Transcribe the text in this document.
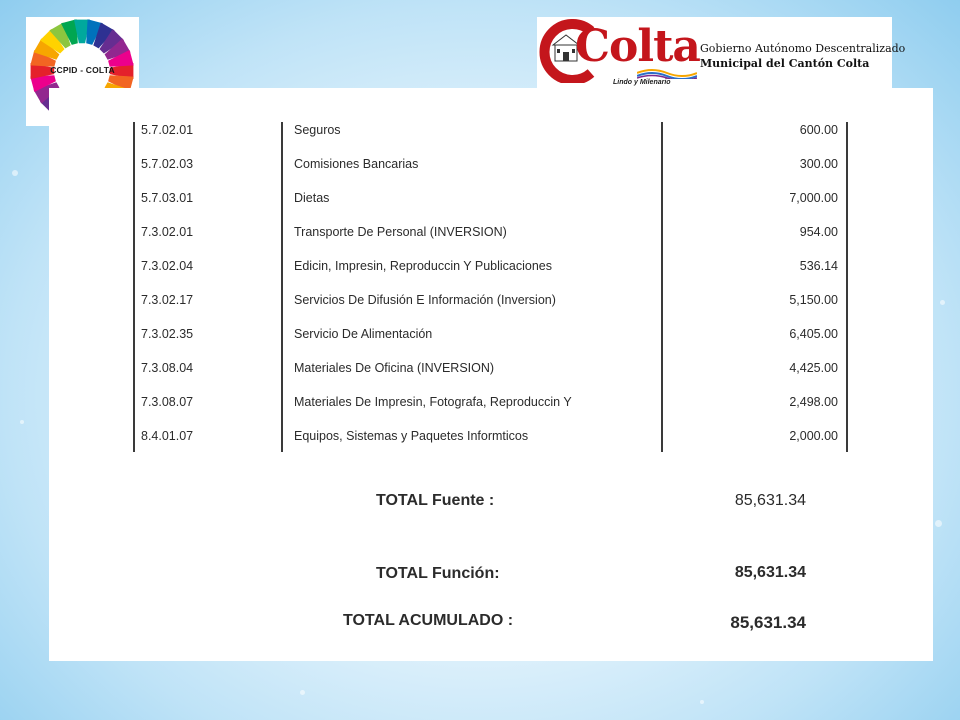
CCPID - COLTA	Colta
Lindo y Milenario
Gobierno Autónomo Descentralizado
Municipal del Cantón Colta
5.7.02.01	Seguros	600.00
5.7.02.03	Comisiones Bancarias	300.00
5.7.03.01	Dietas	7,000.00
7.3.02.01	Transporte De Personal (INVERSION)	954.00
7.3.02.04	Edicin, Impresin, Reproduccin Y Publicaciones	536.14
7.3.02.17	Servicios De Difusión E Información (Inversion)	5,150.00
7.3.02.35	Servicio De Alimentación	6,405.00
7.3.08.04	Materiales De Oficina (INVERSION)	4,425.00
7.3.08.07	Materiales De Impresin, Fotografa, Reproduccin Y	2,498.00
8.4.01.07	Equipos, Sistemas y Paquetes Informticos	2,000.00
TOTAL Fuente :	85,631.34
TOTAL Función:	85,631.34
TOTAL ACUMULADO :	85,631.34
